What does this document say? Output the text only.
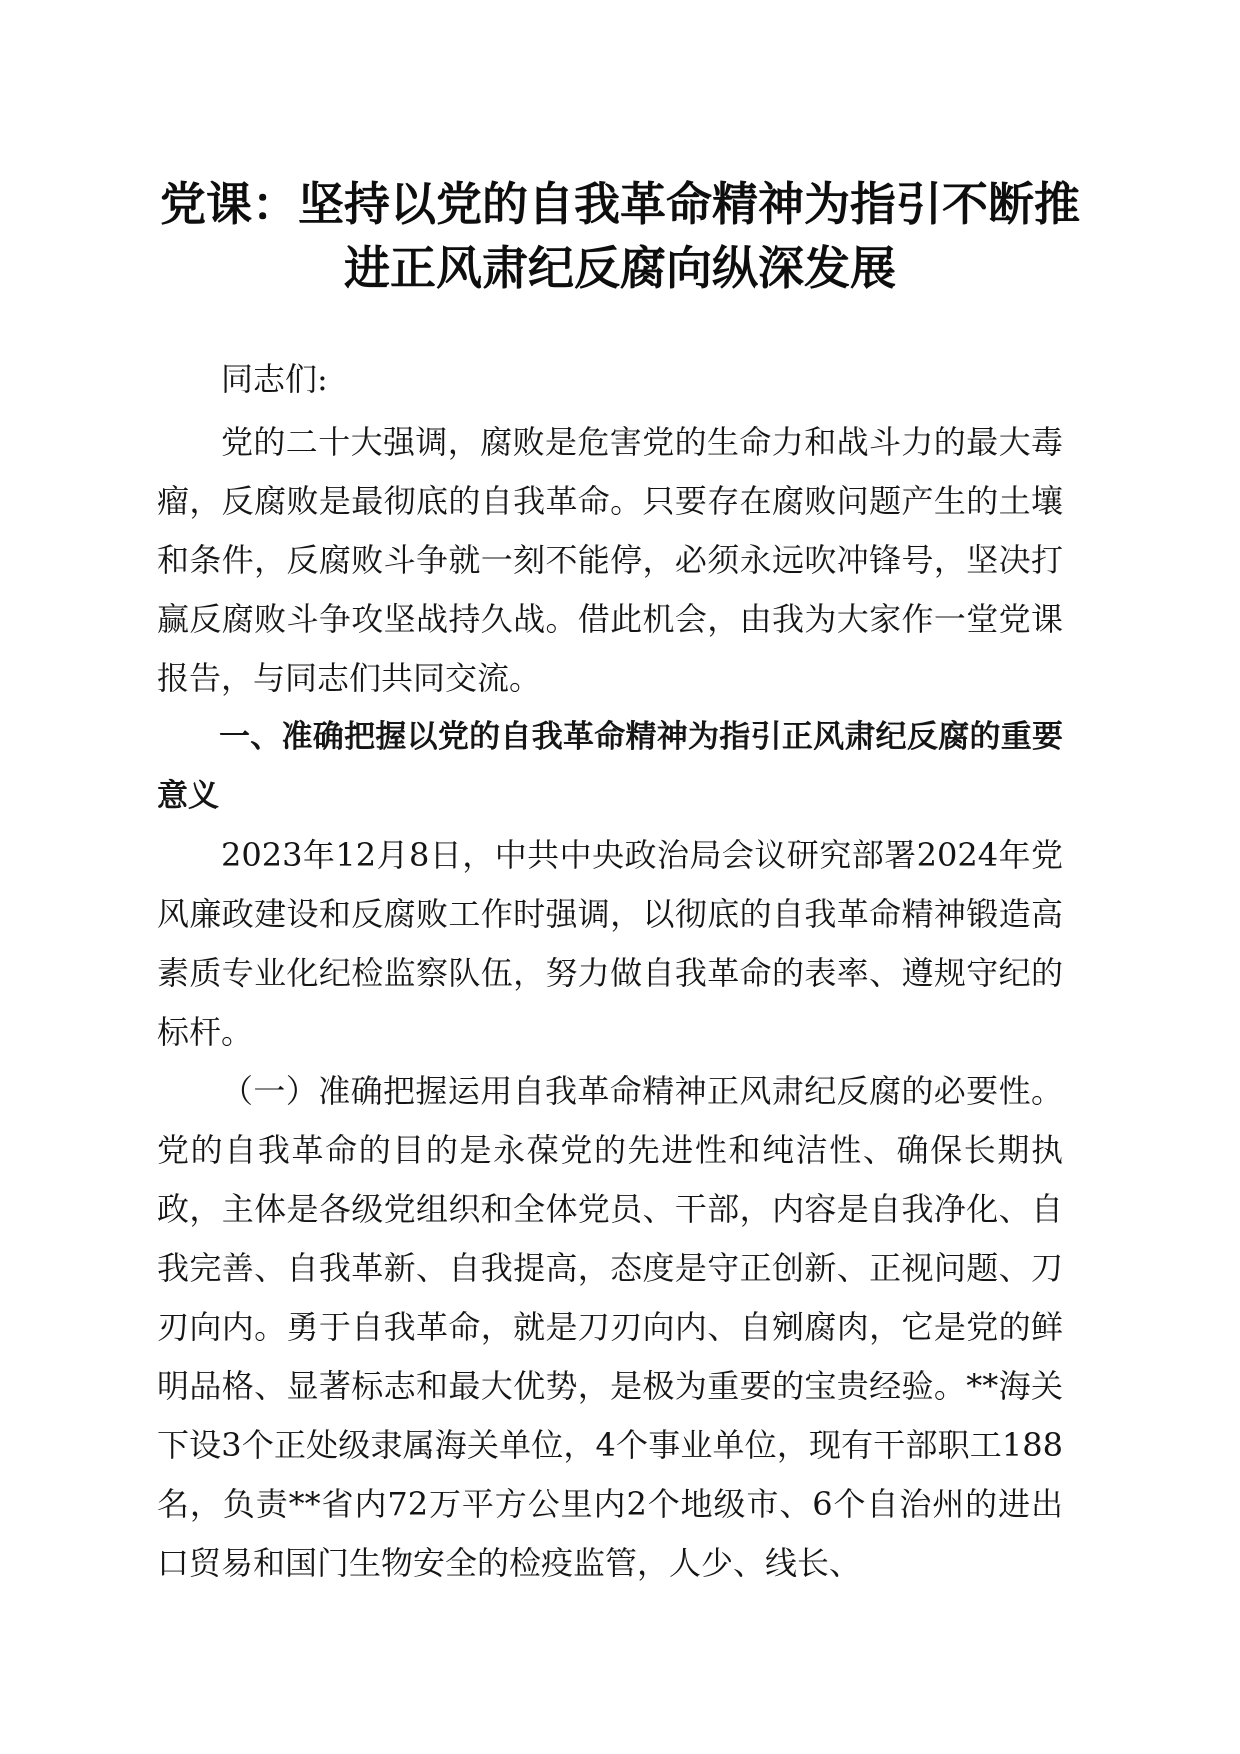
党课：坚持以党的自我革命精神为指引不断推
进正风肃纪反腐向纵深发展

同志们:

党的二十大强调，腐败是危害党的生命力和战斗力的最大毒瘤，反腐败是最彻底的自我革命。只要存在腐败问题产生的土壤和条件，反腐败斗争就一刻不能停，必须永远吹冲锋号，坚决打赢反腐败斗争攻坚战持久战。借此机会，由我为大家作一堂党课报告，与同志们共同交流。

一、准确把握以党的自我革命精神为指引正风肃纪反腐的重要意义

2023年12月8日，中共中央政治局会议研究部署2024年党风廉政建设和反腐败工作时强调，以彻底的自我革命精神锻造高素质专业化纪检监察队伍，努力做自我革命的表率、遵规守纪的标杆。

（一）准确把握运用自我革命精神正风肃纪反腐的必要性。党的自我革命的目的是永葆党的先进性和纯洁性、确保长期执政，主体是各级党组织和全体党员、干部，内容是自我净化、自我完善、自我革新、自我提高，态度是守正创新、正视问题、刀刃向内。勇于自我革命，就是刀刃向内、自剜腐肉，它是党的鲜明品格、显著标志和最大优势，是极为重要的宝贵经验。**海关下设3个正处级隶属海关单位，4个事业单位，现有干部职工188名，负责**省内72万平方公里内2个地级市、6个自治州的进出口贸易和国门生物安全的检疫监管，人少、线长、
